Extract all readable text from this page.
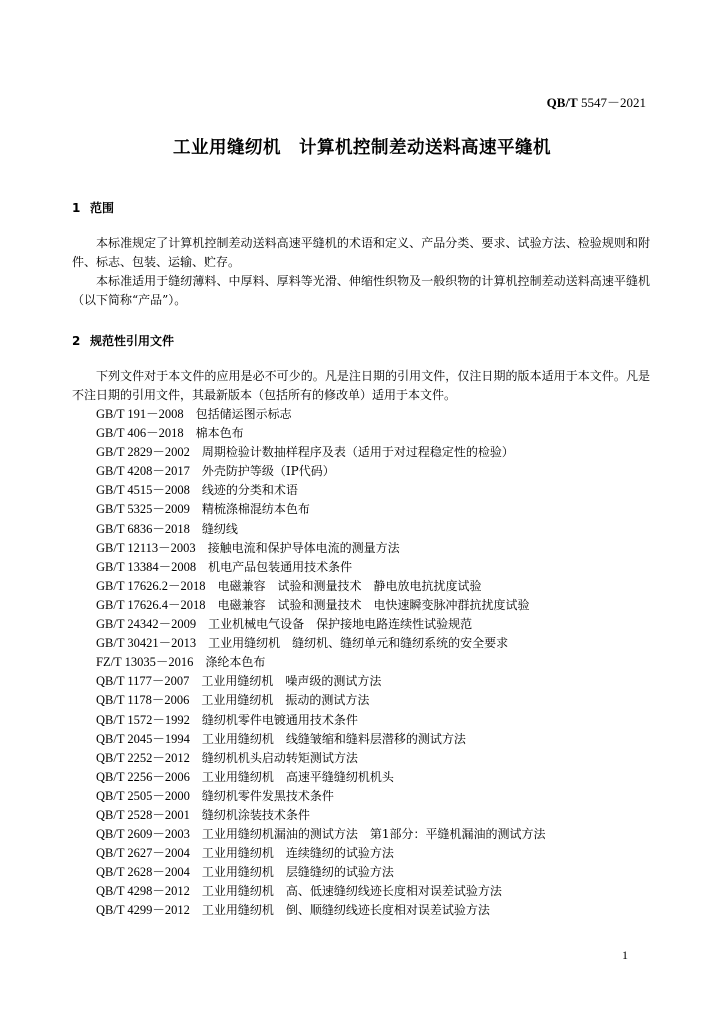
QB/T 5547－2021
工业用缝纫机　计算机控制差动送料高速平缝机
1 范围
本标准规定了计算机控制差动送料高速平缝机的术语和定义、产品分类、要求、试验方法、检验规则和附件、标志、包装、运输、贮存。
本标准适用于缝纫薄料、中厚料、厚料等光滑、伸缩性织物及一般织物的计算机控制差动送料高速平缝机（以下简称“产品”）。
2 规范性引用文件
下列文件对于本文件的应用是必不可少的。凡是注日期的引用文件，仅注日期的版本适用于本文件。凡是不注日期的引用文件，其最新版本（包括所有的修改单）适用于本文件。
GB/T 191－2008 包括储运图示标志
GB/T 406－2018 棉本色布
GB/T 2829－2002 周期检验计数抽样程序及表（适用于对过程稳定性的检验）
GB/T 4208－2017 外壳防护等级（IP代码）
GB/T 4515－2008 线迹的分类和术语
GB/T 5325－2009 精梳涤棉混纺本色布
GB/T 6836－2018 缝纫线
GB/T 12113－2003 接触电流和保护导体电流的测量方法
GB/T 13384－2008 机电产品包装通用技术条件
GB/T 17626.2－2018 电磁兼容　试验和测量技术　静电放电抗扰度试验
GB/T 17626.4－2018 电磁兼容　试验和测量技术　电快速瞬变脉冲群抗扰度试验
GB/T 24342－2009 工业机械电气设备　保护接地电路连续性试验规范
GB/T 30421－2013 工业用缝纫机　缝纫机、缝纫单元和缝纫系统的安全要求
FZ/T 13035－2016 涤纶本色布
QB/T 1177－2007 工业用缝纫机　噪声级的测试方法
QB/T 1178－2006 工业用缝纫机　振动的测试方法
QB/T 1572－1992 缝纫机零件电镀通用技术条件
QB/T 2045－1994 工业用缝纫机　线缝皱缩和缝料层潜移的测试方法
QB/T 2252－2012 缝纫机机头启动转矩测试方法
QB/T 2256－2006 工业用缝纫机　高速平缝缝纫机机头
QB/T 2505－2000 缝纫机零件发黑技术条件
QB/T 2528－2001 缝纫机涂装技术条件
QB/T 2609－2003 工业用缝纫机漏油的测试方法　第1部分：平缝机漏油的测试方法
QB/T 2627－2004 工业用缝纫机　连续缝纫的试验方法
QB/T 2628－2004 工业用缝纫机　层缝缝纫的试验方法
QB/T 4298－2012 工业用缝纫机　高、低速缝纫线迹长度相对误差试验方法
QB/T 4299－2012 工业用缝纫机　倒、顺缝纫线迹长度相对误差试验方法
1
